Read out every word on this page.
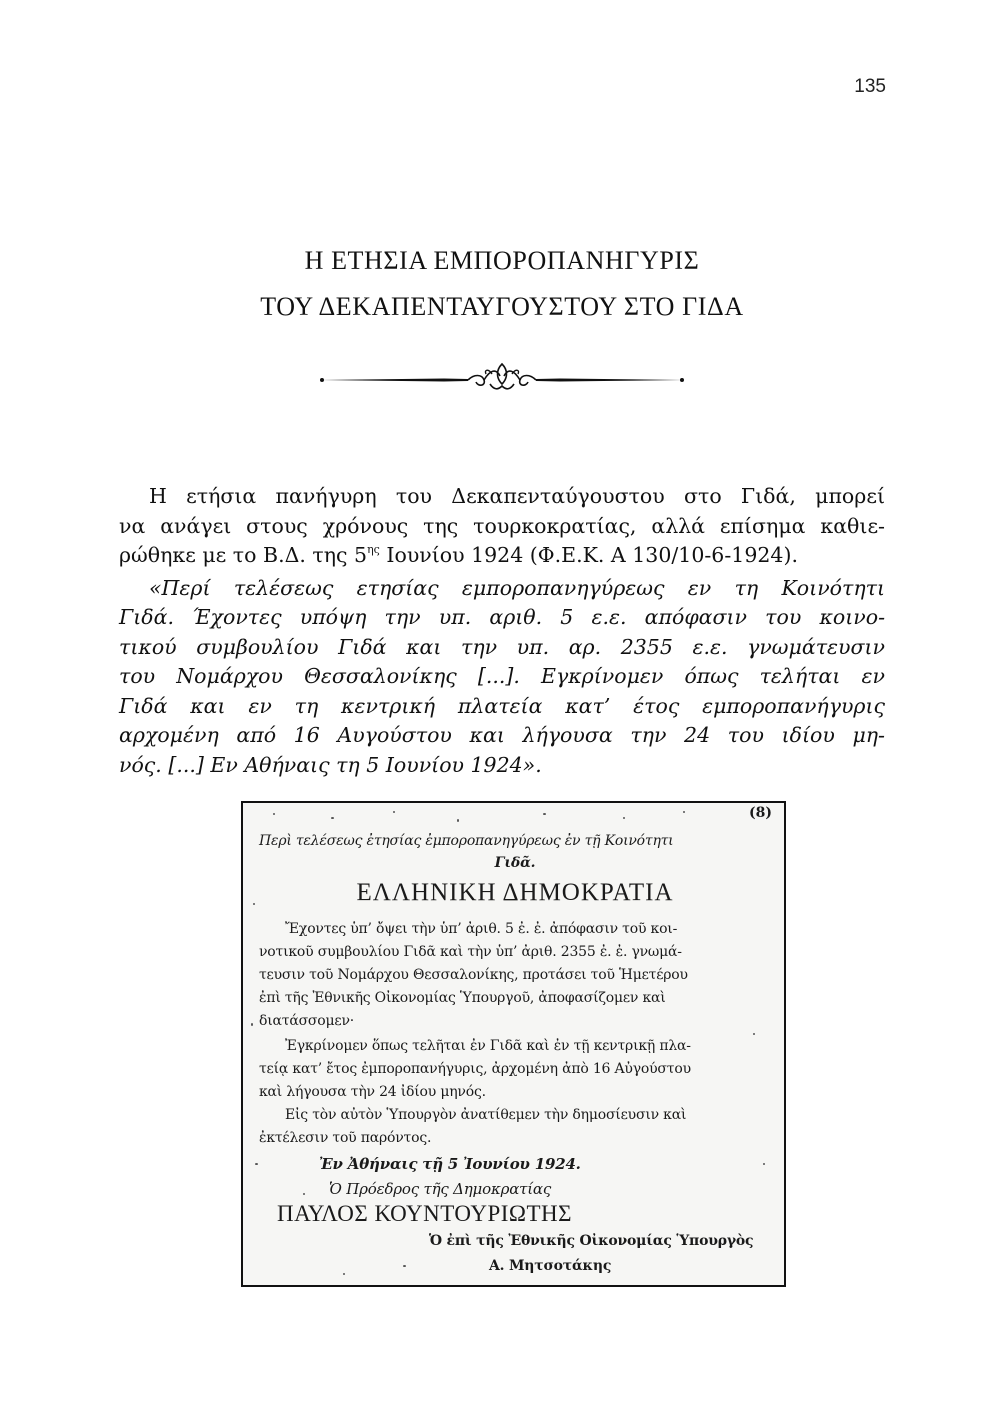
135
Η ΕΤΗΣΙΑ ΕΜΠΟΡΟΠΑΝΗΓΥΡΙΣ
ΤΟΥ ΔΕΚΑΠΕΝΤΑΥΓΟΥΣΤΟΥ ΣΤΟ ΓΙΔΑ
Η ετήσια πανήγυρη του Δεκαπενταύγουστου στο Γιδά, μπορεί
να ανάγει στους χρόνους της τουρκοκρατίας, αλλά επίσημα καθιε-
ρώθηκε με το Β.Δ. της $5^{\eta\varsigma}$ Ιουνίου 1924 (Φ.Ε.Κ. Α 130/10-6-1924).
«Περί τελέσεως ετησίας εμποροπανηγύρεως εν τη Κοινότητι
Γιδά. Έχοντες υπόψη την υπ. αριθ. 5 ε.ε. απόφασιν του κοινο-
τικού συμβουλίου Γιδά και την υπ. αρ. 2355 ε.ε. γνωμάτευσιν
του Νομάρχου Θεσσαλονίκης [...]. Εγκρίνομεν όπως τελήται εν
Γιδά και εν τη κεντρική πλατεία κατ’ έτος εμποροπανήγυρις
αρχομένη από 16 Αυγούστου και λήγουσα την 24 του ιδίου μη-
νός. [...] Εν Αθήναις τη 5 Ιουνίου 1924».
(8)
Περὶ τελέσεως ἐτησίας ἐμποροπανηγύρεως ἐν τῇ Κοινότητι
Γιδᾶ.
ΕΛΛΗΝΙΚΗ ΔΗΜΟΚΡΑΤΙΑ
Ἔχοντες ὑπ’ ὄψει τὴν ὑπ’ ἀριθ. 5 ἐ. ἐ. ἀπόφασιν τοῦ κοι-
νοτικοῦ συμβουλίου Γιδᾶ καὶ τὴν ὑπ’ ἀριθ. 2355 ἐ. ἐ. γνωμά-
τευσιν τοῦ Νομάρχου Θεσσαλονίκης, προτάσει τοῦ Ἡμετέρου
ἐπὶ τῆς Ἐθνικῆς Οἰκονομίας Ὑπουργοῦ, ἀποφασίζομεν καὶ
διατάσσομεν·
Ἐγκρίνομεν ὅπως τελῆται ἐν Γιδᾶ καὶ ἐν τῇ κεντρικῇ πλα-
τείᾳ κατ’ ἔτος ἐμποροπανήγυρις, ἀρχομένη ἀπὸ 16 Αὐγούστου
καὶ λήγουσα τὴν 24 ἰδίου μηνός.
Εἰς τὸν αὐτὸν Ὑπουργὸν ἀνατίθεμεν τὴν δημοσίευσιν καὶ
ἐκτέλεσιν τοῦ παρόντος.
Ἐν Ἀθήναις τῇ 5 Ἰουνίου 1924.
Ὁ Πρόεδρος τῆς Δημοκρατίας
ΠΑΥΛΟΣ ΚΟΥΝΤΟΥΡΙΩΤΗΣ
Ὁ ἐπὶ τῆς Ἐθνικῆς Οἰκονομίας Ὑπουργὸς
Α. Μητσοτάκης
